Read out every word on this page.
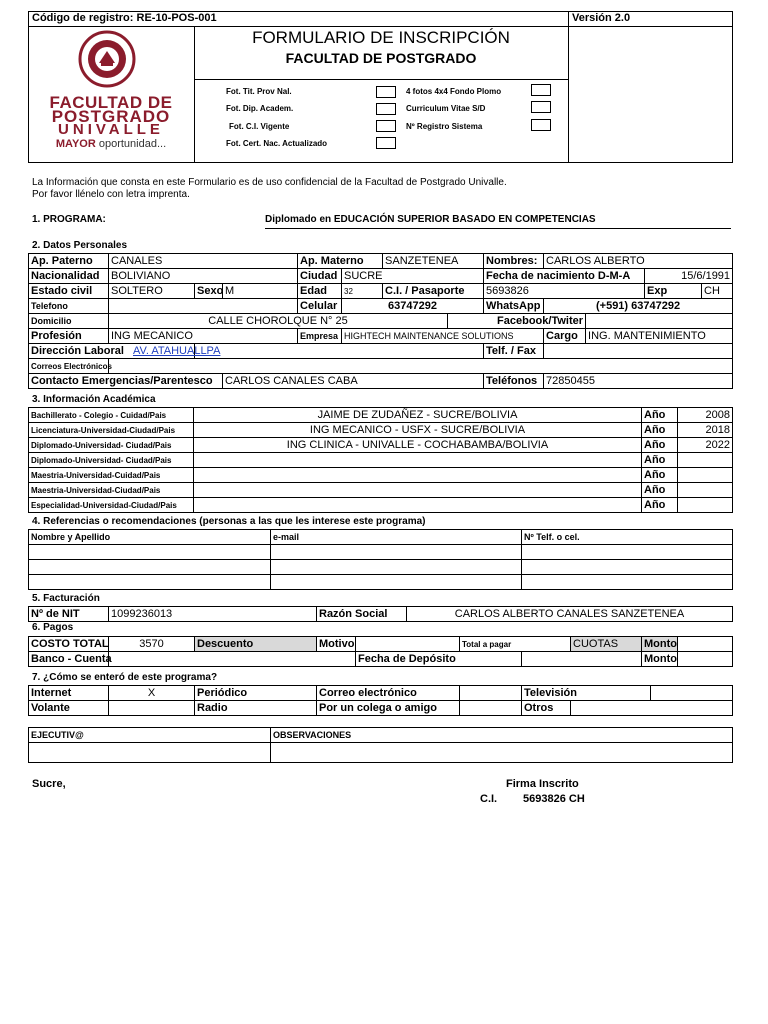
Código de registro: RE-10-POS-001	Versión 2.0
FORMULARIO DE INSCRIPCIÓN
FACULTAD DE POSTGRADO
FACULTAD DE
POSTGRADO
UNIVALLE
MAYOR oportunidad...
Fot. Tit. Prov Nal.
Fot. Dip. Academ.
Fot. C.I. Vigente
Fot. Cert. Nac. Actualizado
4 fotos 4x4 Fondo Plomo
Curriculum Vitae S/D
Nº Registro Sistema
La Información que consta en este Formulario es de uso confidencial de la Facultad de Postgrado Univalle.
Por favor llénelo con letra imprenta.
1. PROGRAMA:	Diplomado en EDUCACIÓN SUPERIOR BASADO EN COMPETENCIAS
2. Datos Personales
Ap. Paterno	CANALES			Ap. Materno		SANZETENEA		Nombres:	CARLOS ALBERTO			
Nacionalidad	BOLIVIANO			Ciudad	SUCRE			Fecha de nacimiento D-M-A			15/6/1991	
Estado civil	SOLTERO	Sexo	M	Edad	32	C.I. / Pasaporte		5693826			Exp	CH
Telefono				Celular	63747292			WhatsApp	(+591) 63747292			
Domicilio	CALLE CHOROLQUE N° 25						Facebook/Twiter					
Profesión	ING MECANICO			Empresa	HIGHTECH MAINTENANCE SOLUTIONS				Cargo	ING. MANTENIMIENTO		
Dirección Laboral AV. ATAHUALLPA								Telf. / Fax				
Correos Electrónicos												
Contacto Emergencias/Parentesco			CARLOS CANALES CABA					Teléfonos	72850455			
3. Información Académica
Bachillerato - Colegio - Cuidad/Pais	JAIME DE ZUDAÑEZ - SUCRE/BOLIVIA	Año	2008
Licenciatura-Universidad-Ciudad/Pais	ING MECANICO - USFX - SUCRE/BOLIVIA	Año	2018
Diplomado-Universidad- Ciudad/Pais	ING CLINICA - UNIVALLE - COCHABAMBA/BOLIVIA	Año	2022
Diplomado-Universidad- Ciudad/Pais		Año	
Maestria-Universidad-Cuidad/Pais		Año	
Maestria-Universidad-Ciudad/Pais		Año	
Especialidad-Universidad-Ciudad/Pais		Año	
4. Referencias o recomendaciones (personas a las que les interese este programa)
Nombre y Apellido	e-mail	Nº Telf. o cel.

5. Facturación
Nº de NIT	1099236013	Razón Social	CARLOS ALBERTO CANALES SANZETENEA
6. Pagos
COSTO TOTAL	3570	Descuento	Motivo		Total a pagar		CUOTAS	Monto	
Banco - Cuenta				Fecha de Depósito				Monto	
7. ¿Cómo se enteró de este programa?
Internet	X	Periódico	Correo electrónico		Televisión		
Volante		Radio	Por un colega o amigo		Otros		
EJECUTIV@	OBSERVACIONES

Sucre,	Firma Inscrito
C.I. 5693826 CH
